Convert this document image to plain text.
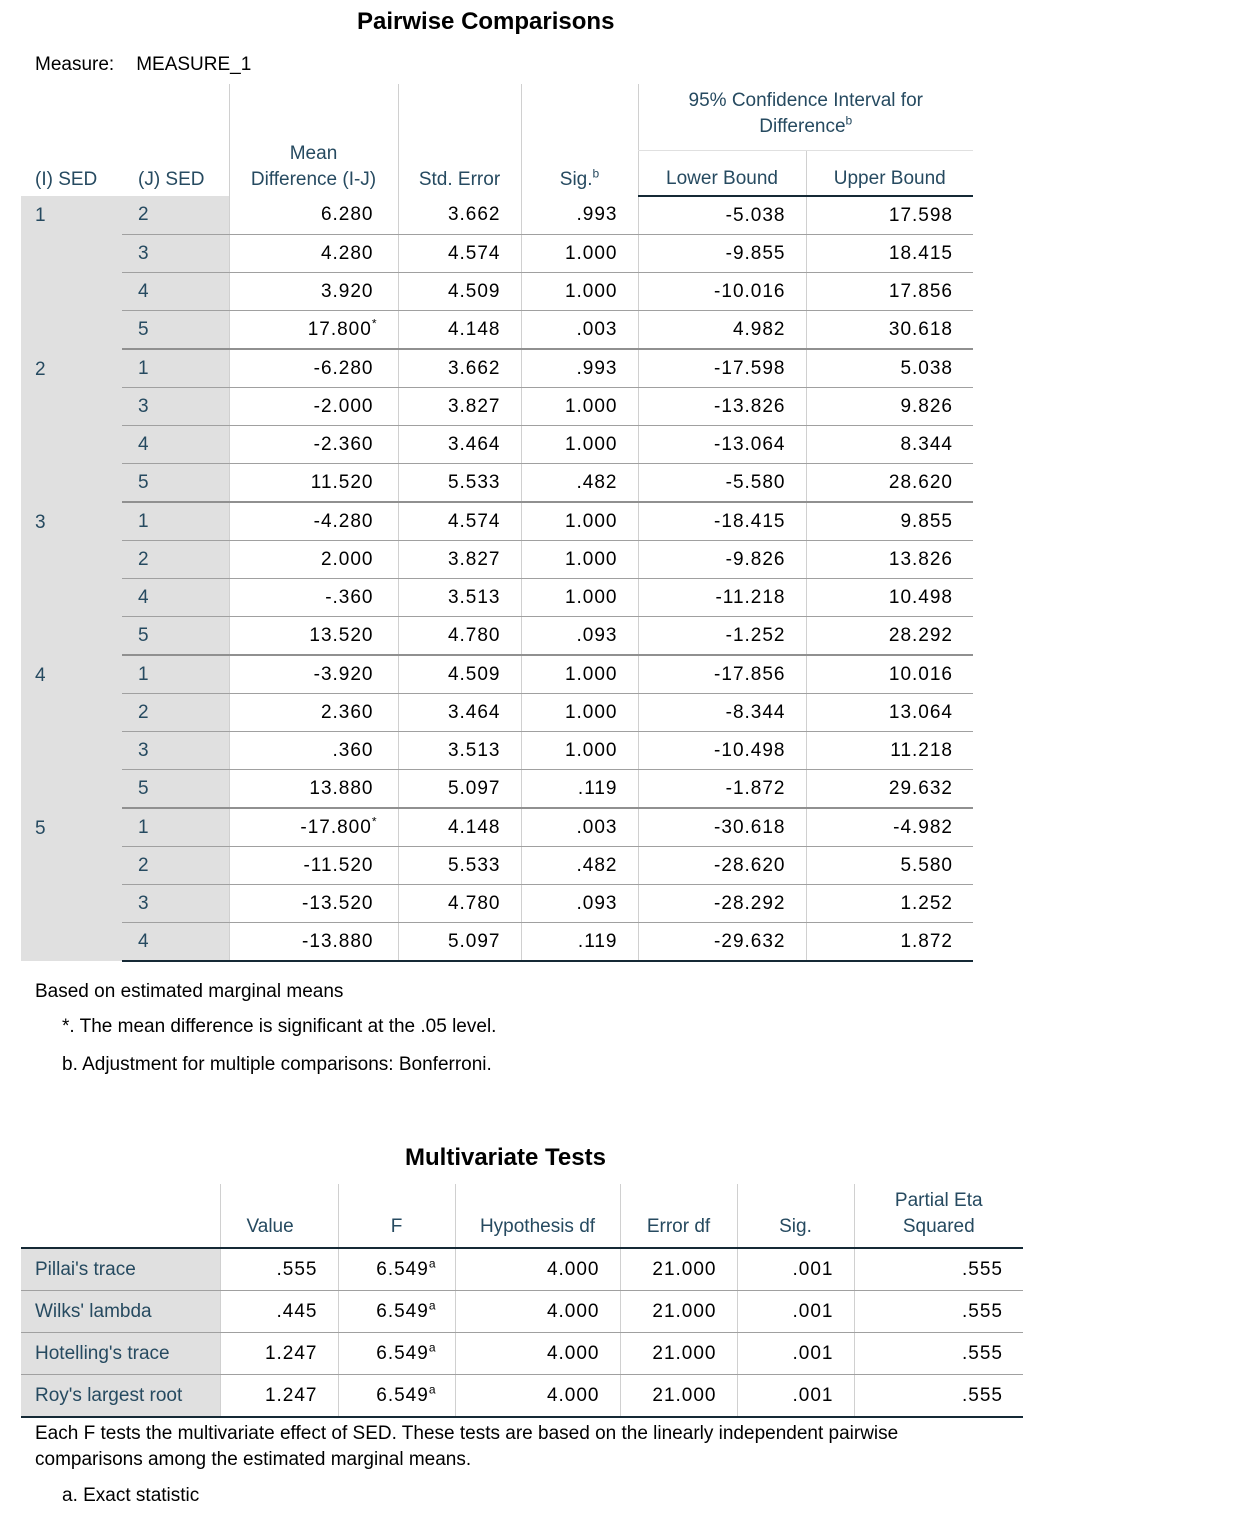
Pairwise Comparisons
Measure: MEASURE_1
(I) SED	(J) SED	Mean Difference (I-J)	Std. Error	Sig.$^b$	95% Confidence Interval for Difference$^b$
					Lower Bound	Upper Bound
1	2	6.280	3.662	.993	-5.038	17.598
	3	4.280	4.574	1.000	-9.855	18.415
	4	3.920	4.509	1.000	-10.016	17.856
	5	17.800*	4.148	.003	4.982	30.618
2	1	-6.280	3.662	.993	-17.598	5.038
	3	-2.000	3.827	1.000	-13.826	9.826
	4	-2.360	3.464	1.000	-13.064	8.344
	5	11.520	5.533	.482	-5.580	28.620
3	1	-4.280	4.574	1.000	-18.415	9.855
	2	2.000	3.827	1.000	-9.826	13.826
	4	-.360	3.513	1.000	-11.218	10.498
	5	13.520	4.780	.093	-1.252	28.292
4	1	-3.920	4.509	1.000	-17.856	10.016
	2	2.360	3.464	1.000	-8.344	13.064
	3	.360	3.513	1.000	-10.498	11.218
	5	13.880	5.097	.119	-1.872	29.632
5	1	-17.800*	4.148	.003	-30.618	-4.982
	2	-11.520	5.533	.482	-28.620	5.580
	3	-13.520	4.780	.093	-28.292	1.252
	4	-13.880	5.097	.119	-29.632	1.872
Based on estimated marginal means
*. The mean difference is significant at the .05 level.
b. Adjustment for multiple comparisons: Bonferroni.
Multivariate Tests
	Value	F	Hypothesis df	Error df	Sig.	Partial Eta Squared
Pillai's trace	.555	6.549$^a$	4.000	21.000	.001	.555
Wilks' lambda	.445	6.549$^a$	4.000	21.000	.001	.555
Hotelling's trace	1.247	6.549$^a$	4.000	21.000	.001	.555
Roy's largest root	1.247	6.549$^a$	4.000	21.000	.001	.555
Each F tests the multivariate effect of SED. These tests are based on the linearly independent pairwise comparisons among the estimated marginal means.
a. Exact statistic
